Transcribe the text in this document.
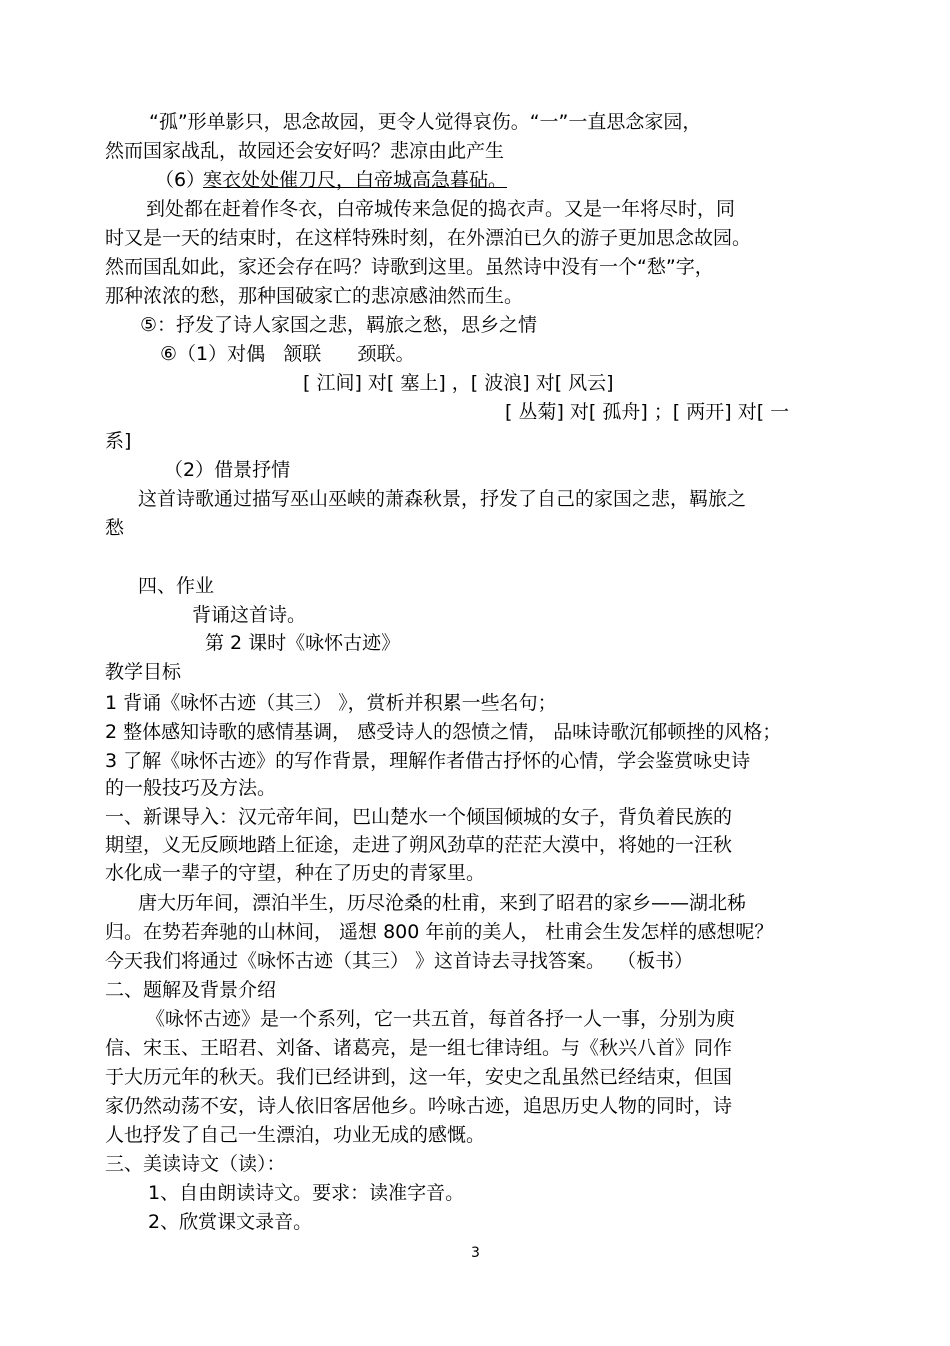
“孤”形单影只，思念故园，更令人觉得哀伤。“一”一直思念家园，
然而国家战乱，故园还会安好吗？悲凉由此产生
（6）
寒衣处处催刀尺，白帝城高急暮砧。
到处都在赶着作冬衣，白帝城传来急促的捣衣声。又是一年将尽时，同
时又是一天的结束时，在这样特殊时刻，在外漂泊已久的游子更加思念故园。
然而国乱如此，家还会存在吗？诗歌到这里。虽然诗中没有一个“愁”字，
那种浓浓的愁，那种国破家亡的悲凉感油然而生。
⑤：抒发了诗人家国之悲，羁旅之愁，思乡之情
⑥（1）对偶   颔联      颈联。
[ 江间] 对[ 塞上] ，[ 波浪] 对[ 风云]
[ 丛菊] 对[ 孤舟] ；[ 两开] 对[ 一
系]
（2）借景抒情
这首诗歌通过描写巫山巫峡的萧森秋景，抒发了自己的家国之悲，羁旅之
愁
四、作业
背诵这首诗。
第 2 课时《咏怀古迹》
教学目标
1 背诵《咏怀古迹（其三） 》，赏析并积累一些名句；
2 整体感知诗歌的感情基调， 感受诗人的怨愤之情， 品味诗歌沉郁顿挫的风格；
3 了解《咏怀古迹》的写作背景，理解作者借古抒怀的心情，学会鉴赏咏史诗
的一般技巧及方法。
一、新课导入：汉元帝年间，巴山楚水一个倾国倾城的女子，背负着民族的
期望，义无反顾地踏上征途，走进了朔风劲草的茫茫大漠中，将她的一汪秋
水化成一辈子的守望，种在了历史的青冢里。
唐大历年间，漂泊半生，历尽沧桑的杜甫，来到了昭君的家乡——湖北秭
归。在势若奔驰的山林间， 遥想 800 年前的美人， 杜甫会生发怎样的感想呢？
今天我们将通过《咏怀古迹（其三） 》这首诗去寻找答案。  （板书）
二、题解及背景介绍
《咏怀古迹》是一个系列，它一共五首，每首各抒一人一事，分别为庾
信、宋玉、王昭君、刘备、诸葛亮，是一组七律诗组。与《秋兴八首》同作
于大历元年的秋天。我们已经讲到，这一年，安史之乱虽然已经结束，但国
家仍然动荡不安，诗人依旧客居他乡。吟咏古迹，追思历史人物的同时，诗
人也抒发了自己一生漂泊，功业无成的感慨。
三、美读诗文（读）：
1、自由朗读诗文。要求：读准字音。
2、欣赏课文录音。
3
